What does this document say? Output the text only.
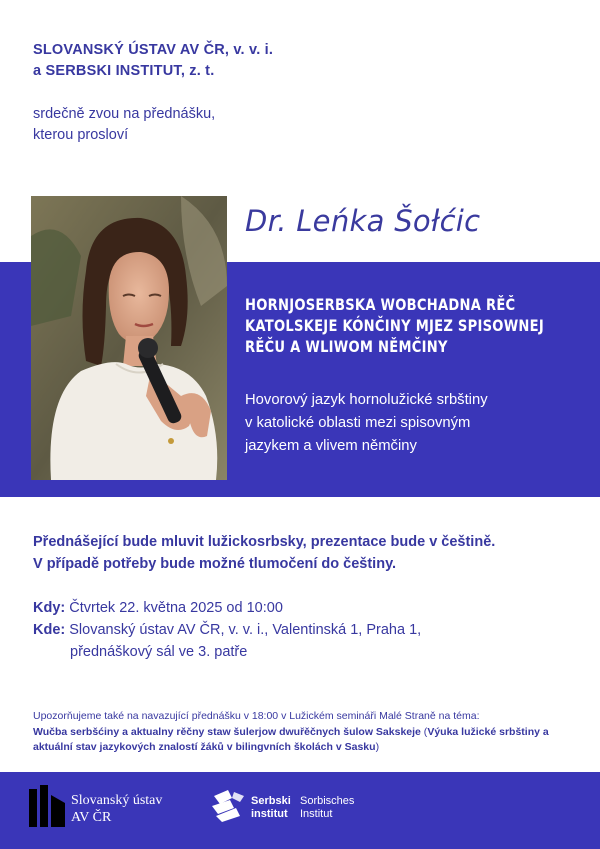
SLOVANSKÝ ÚSTAV AV ČR, v. v. i.
a SERBSKI INSTITUT, z. t.
srdečně zvou na přednášku,
kterou prosloví
Dr. Leńka Šołćic
HORNJOSERBSKA WOBCHADNA RĚČ
KATOLSKEJE KÓNČINY MJEZ SPISOWNEJ
RĚČU A WLIWOM NĚMČINY
Hovorový jazyk hornolužické srbštiny
v katolické oblasti mezi spisovným
jazykem a vlivem němčiny
Přednášející bude mluvit lužickosrbsky, prezentace bude v češtině.
V případě potřeby bude možné tlumočení do češtiny.
Kdy: Čtvrtek 22. května 2025 od 10:00
Kde: Slovanský ústav AV ČR, v. v. i., Valentinská 1, Praha 1,
přednáškový sál ve 3. patře
Upozorňujeme také na navazující přednášku v 18:00 v Lužickém semináři Malé Straně na téma:
Wučba serbšćiny a aktualny rěčny staw šulerjow dwuřěčnych šulow Sakskeje (Výuka lužické srbštiny a aktuální stav jazykových znalostí žáků v bilingvních školách v Sasku)
Slovanský ústav
AV ČR
Serbski
institut
Sorbisches
Institut
